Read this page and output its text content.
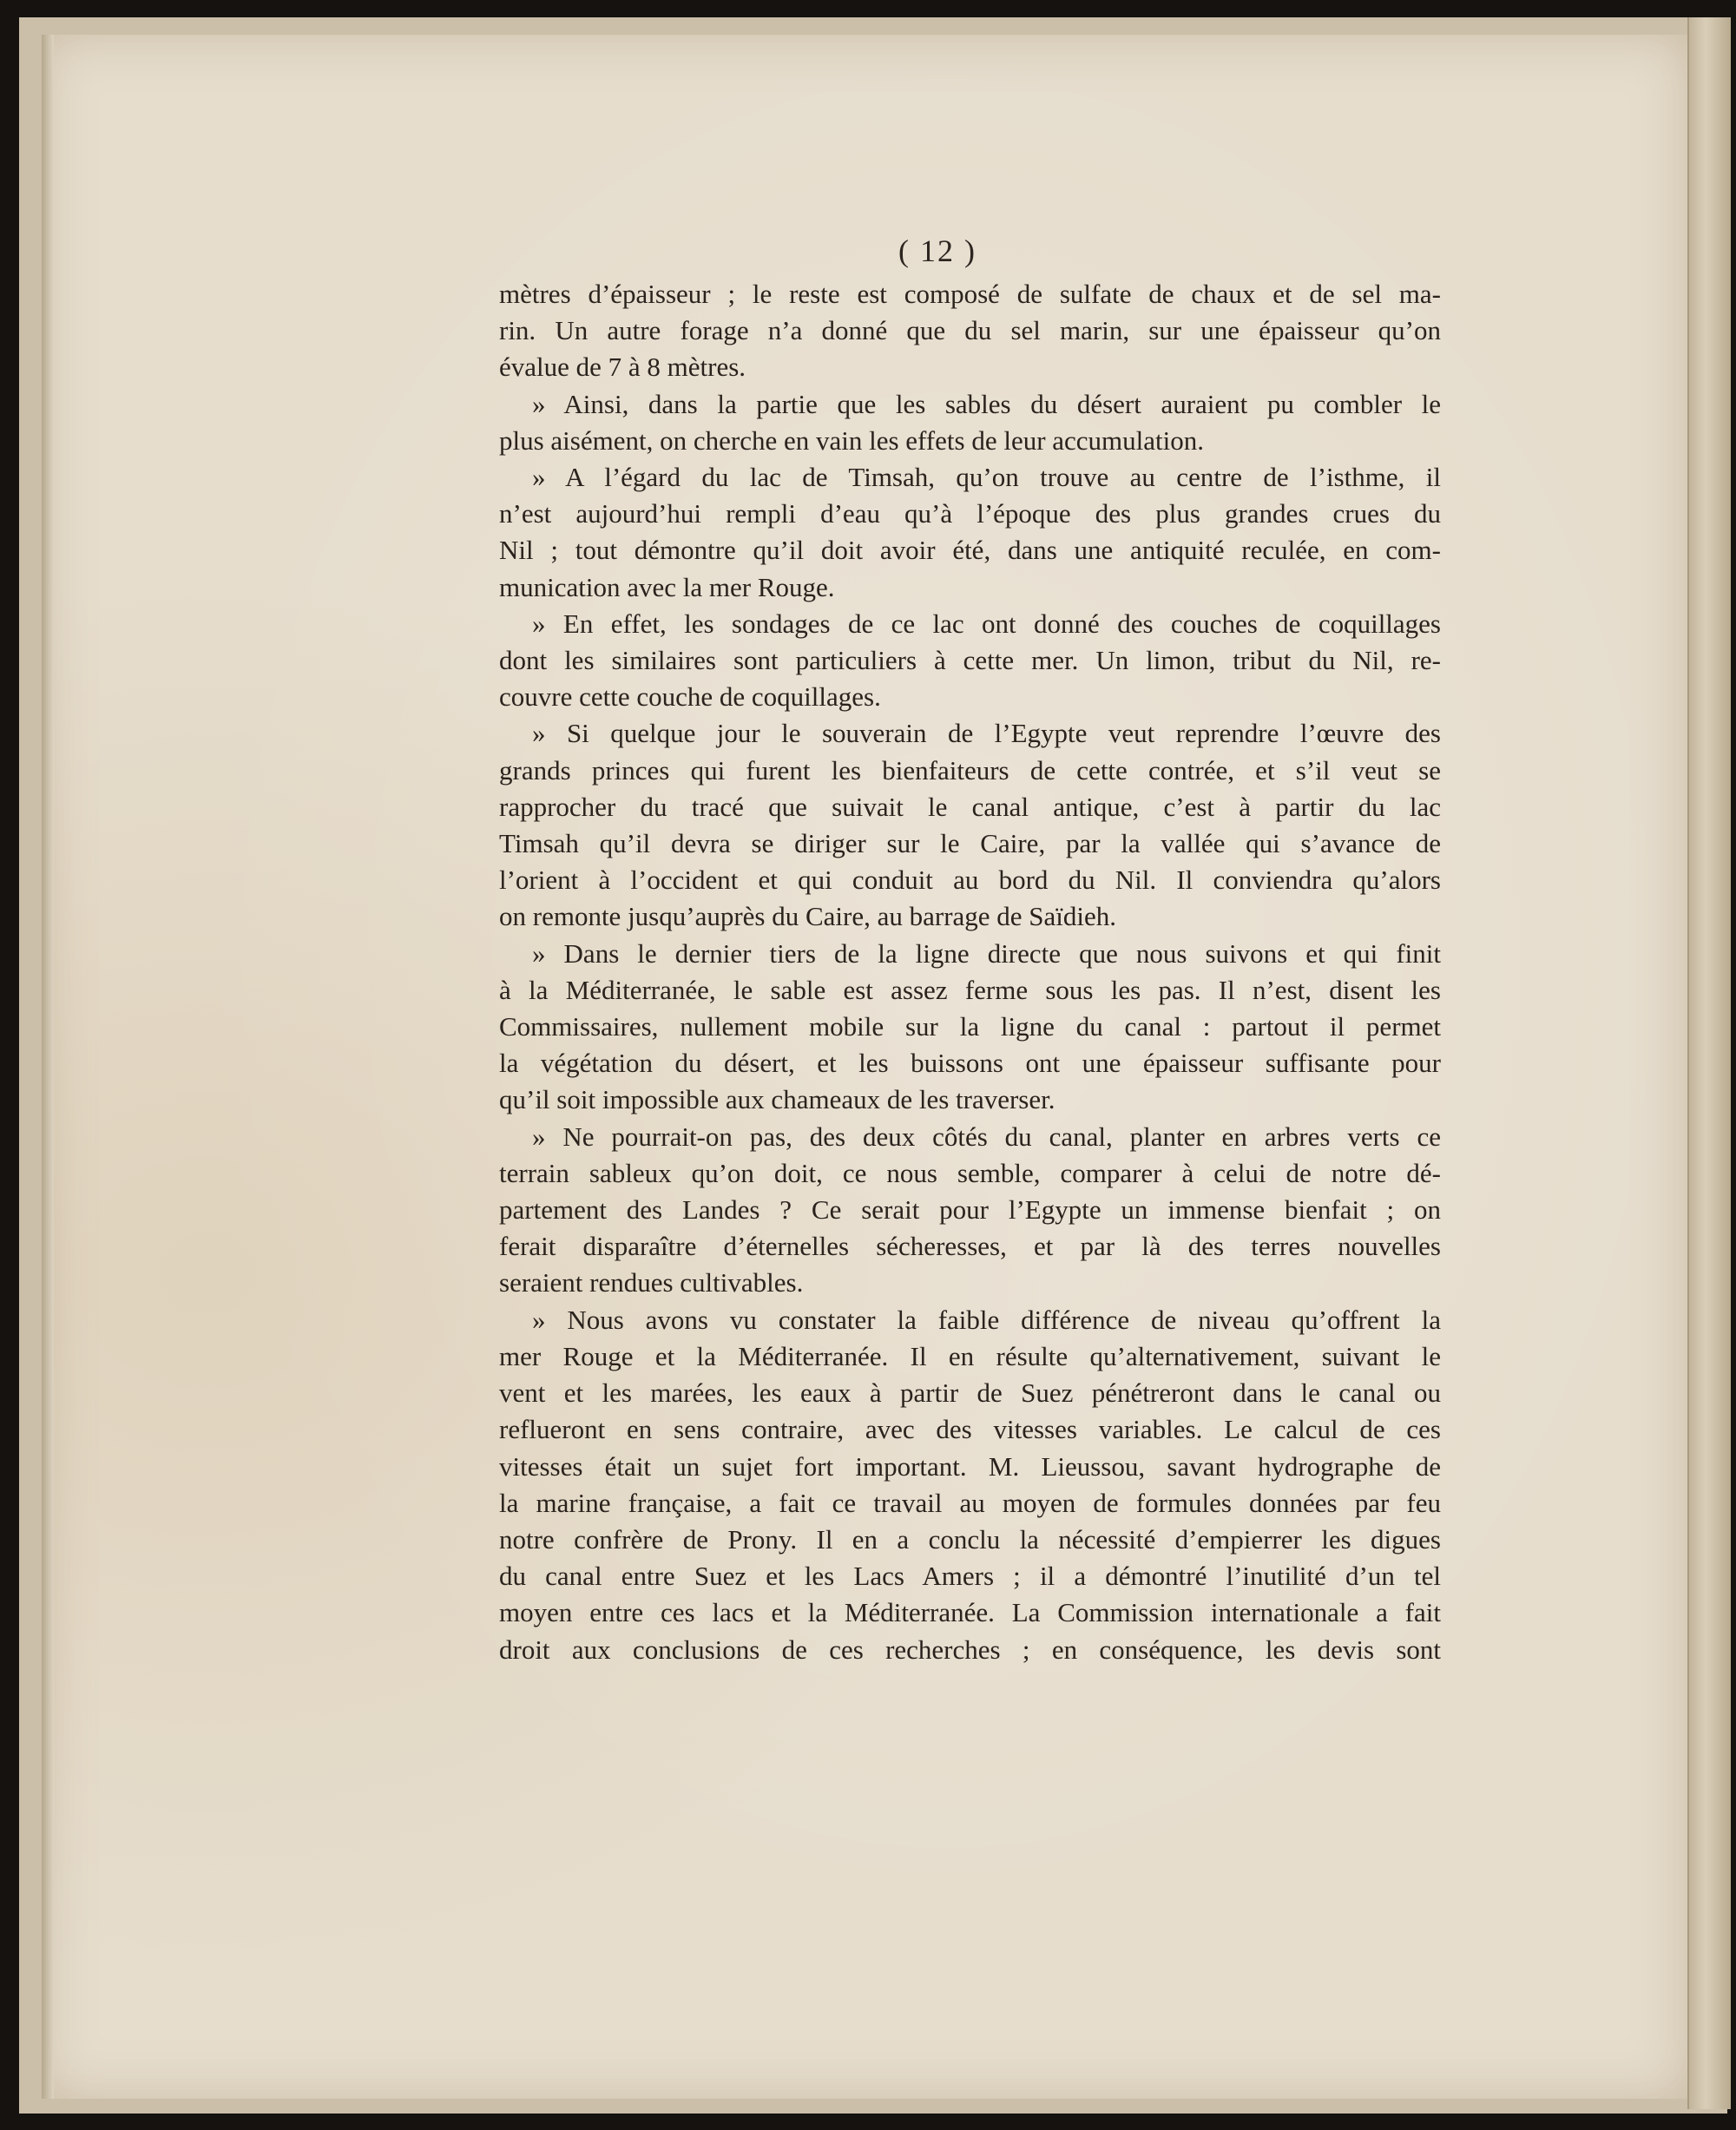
( 12 )

mètres d’épaisseur ; le reste est composé de sulfate de chaux et de sel ma-
rin. Un autre forage n’a donné que du sel marin, sur une épaisseur qu’on
évalue de 7 à 8 mètres.

» Ainsi, dans la partie que les sables du désert auraient pu combler le
plus aisément, on cherche en vain les effets de leur accumulation.

» A l’égard du lac de Timsah, qu’on trouve au centre de l’isthme, il
n’est aujourd’hui rempli d’eau qu’à l’époque des plus grandes crues du
Nil ; tout démontre qu’il doit avoir été, dans une antiquité reculée, en com-
munication avec la mer Rouge.

» En effet, les sondages de ce lac ont donné des couches de coquillages
dont les similaires sont particuliers à cette mer. Un limon, tribut du Nil, re-
couvre cette couche de coquillages.

» Si quelque jour le souverain de l’Egypte veut reprendre l’œuvre des
grands princes qui furent les bienfaiteurs de cette contrée, et s’il veut se
rapprocher du tracé que suivait le canal antique, c’est à partir du lac
Timsah qu’il devra se diriger sur le Caire, par la vallée qui s’avance de
l’orient à l’occident et qui conduit au bord du Nil. Il conviendra qu’alors
on remonte jusqu’auprès du Caire, au barrage de Saïdieh.

» Dans le dernier tiers de la ligne directe que nous suivons et qui finit
à la Méditerranée, le sable est assez ferme sous les pas. Il n’est, disent les
Commissaires, nullement mobile sur la ligne du canal : partout il permet
la végétation du désert, et les buissons ont une épaisseur suffisante pour
qu’il soit impossible aux chameaux de les traverser.

» Ne pourrait-on pas, des deux côtés du canal, planter en arbres verts ce
terrain sableux qu’on doit, ce nous semble, comparer à celui de notre dé-
partement des Landes ? Ce serait pour l’Egypte un immense bienfait ; on
ferait disparaître d’éternelles sécheresses, et par là des terres nouvelles
seraient rendues cultivables.

» Nous avons vu constater la faible différence de niveau qu’offrent la
mer Rouge et la Méditerranée. Il en résulte qu’alternativement, suivant le
vent et les marées, les eaux à partir de Suez pénétreront dans le canal ou
reflueront en sens contraire, avec des vitesses variables. Le calcul de ces
vitesses était un sujet fort important. M. Lieussou, savant hydrographe de
la marine française, a fait ce travail au moyen de formules données par feu
notre confrère de Prony. Il en a conclu la nécessité d’empierrer les digues
du canal entre Suez et les Lacs Amers ; il a démontré l’inutilité d’un tel
moyen entre ces lacs et la Méditerranée. La Commission internationale a fait
droit aux conclusions de ces recherches ; en conséquence, les devis sont
